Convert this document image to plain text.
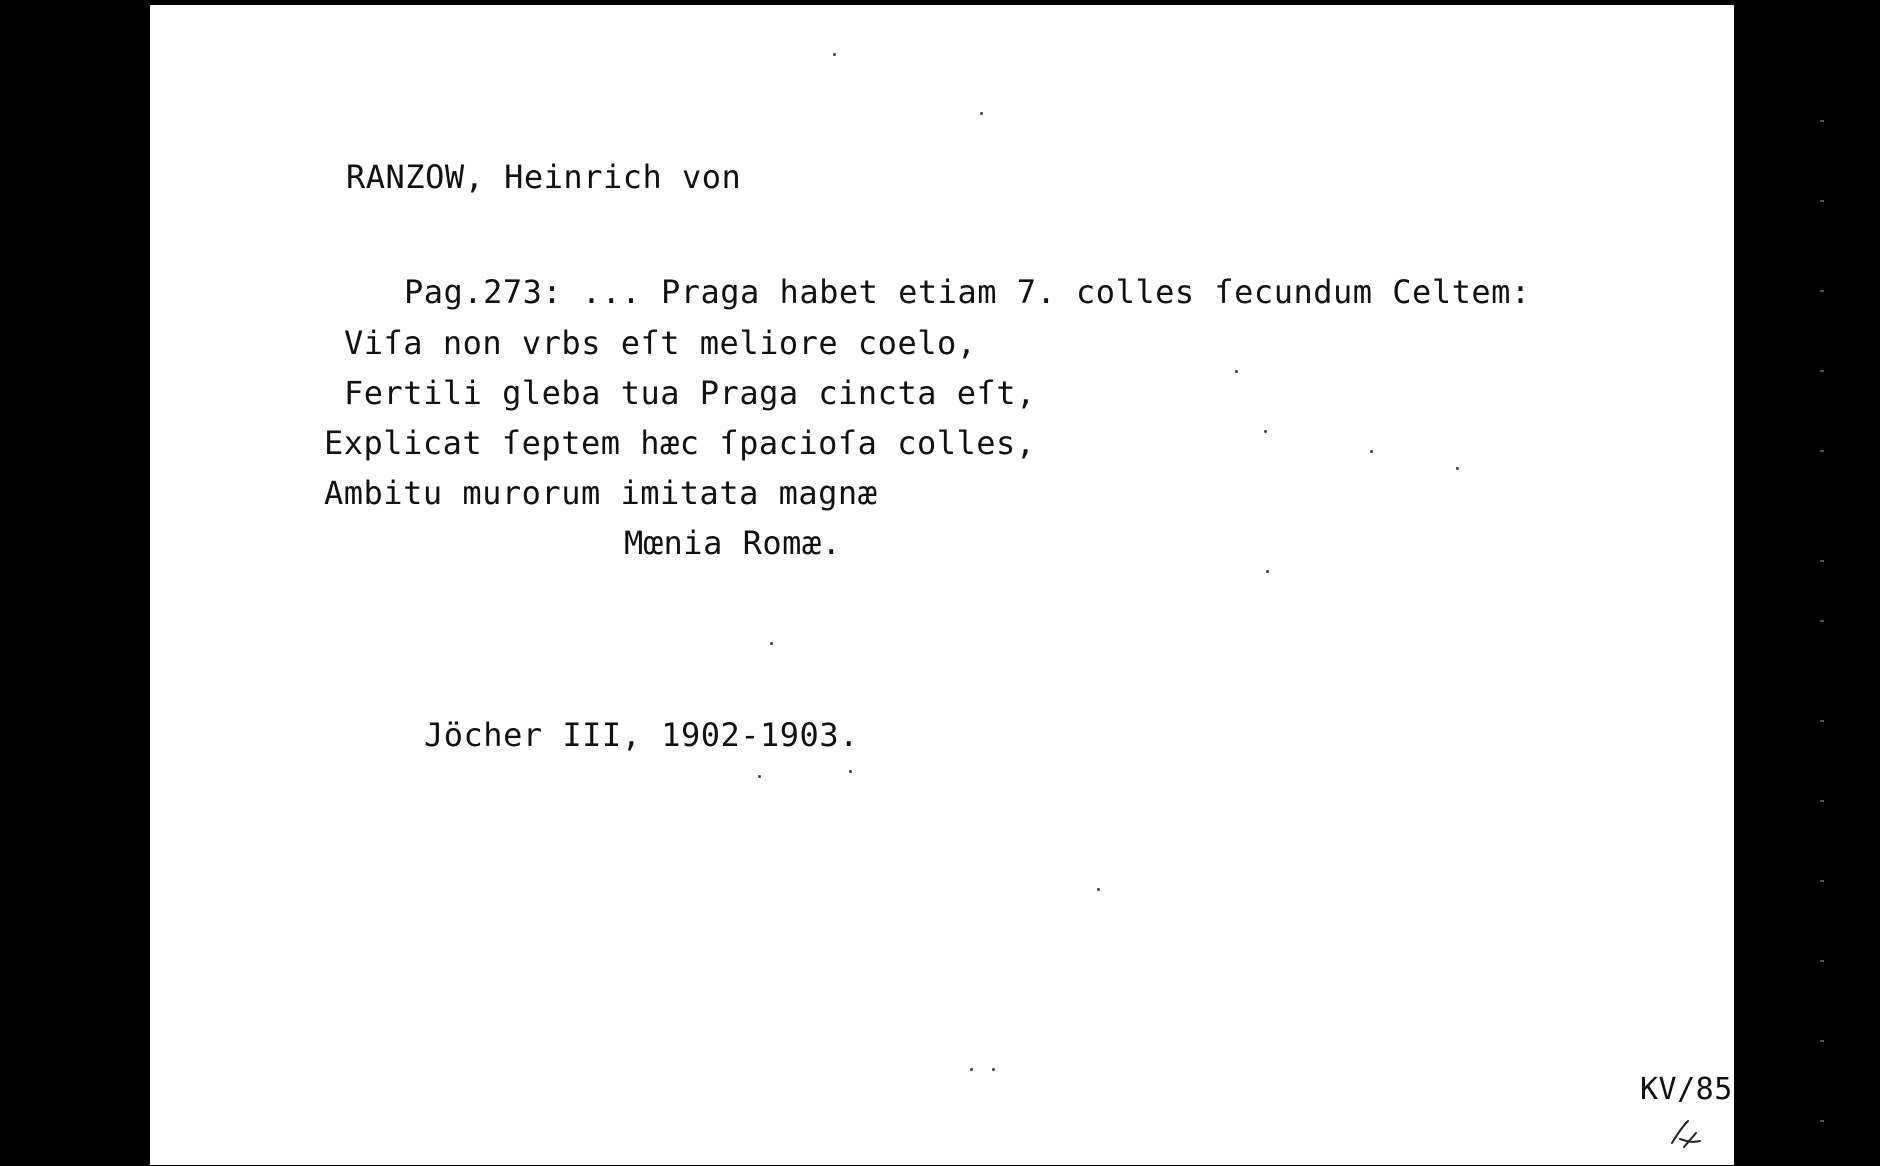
RANZOW, Heinrich von

Pag.273: ... Praga habet etiam 7. colles ſecundum Celtem:

Viſa non vrbs eſt meliore coelo,

Fertili gleba tua Praga cincta eſt,

Explicat ſeptem hæc ſpacioſa colles,

Ambitu murorum imitata magnæ

Mœnia Romæ.

Jöcher III, 1902-1903.

KV/85
